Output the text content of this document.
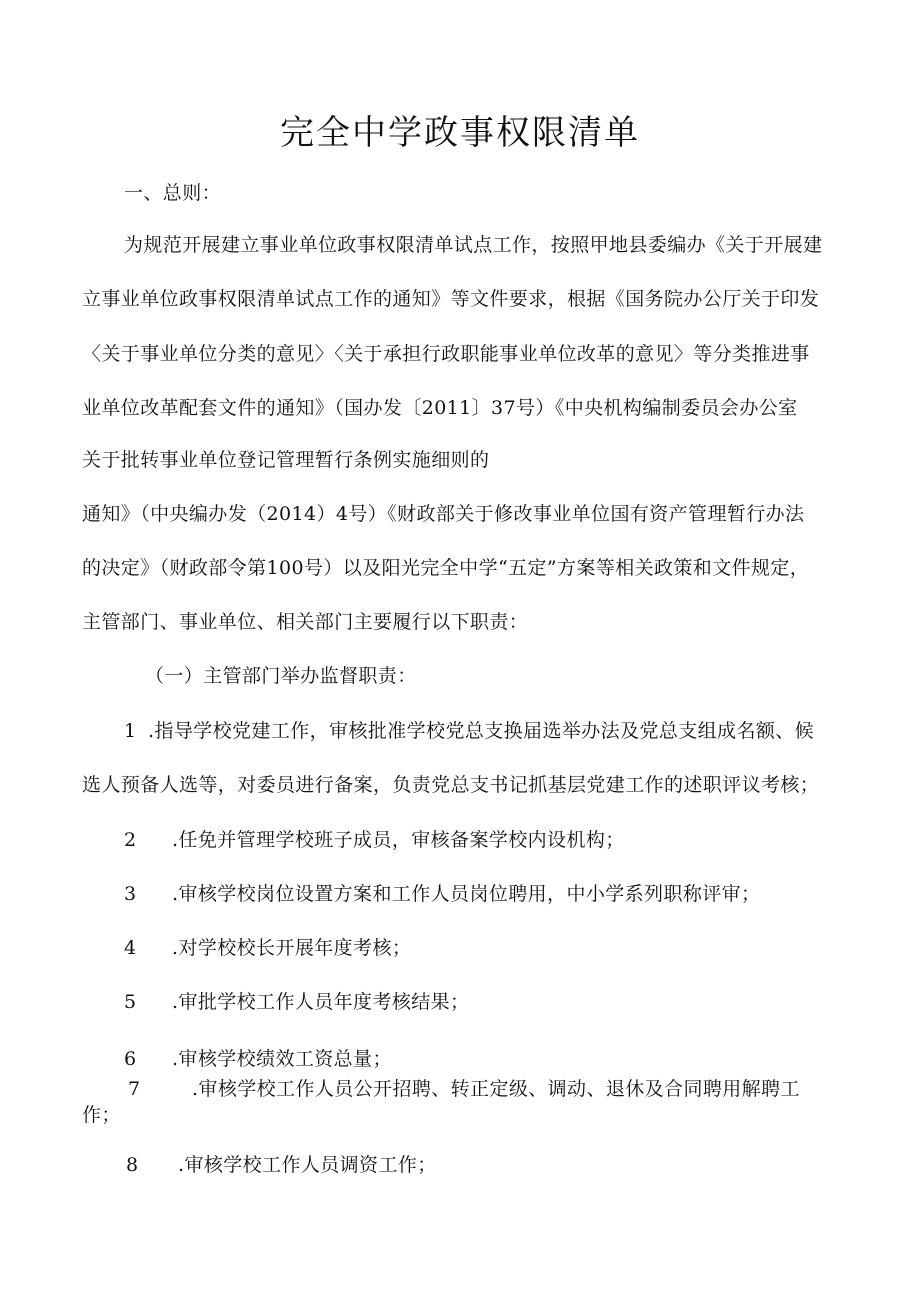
完全中学政事权限清单
一、总则：
为规范开展建立事业单位政事权限清单试点工作，按照甲地县委编办《关于开展建
立事业单位政事权限清单试点工作的通知》等文件要求，根据《国务院办公厅关于印发
〈关于事业单位分类的意见〉〈关于承担行政职能事业单位改革的意见〉等分类推进事
业单位改革配套文件的通知》（国办发〔2011〕37号）《中央机构编制委员会办公室
关于批转事业单位登记管理暂行条例实施细则的
通知》（中央编办发（2014）4号）《财政部关于修改事业单位国有资产管理暂行办法
的决定》（财政部令第100号）以及阳光完全中学“五定”方案等相关政策和文件规定，
主管部门、事业单位、相关部门主要履行以下职责：
（一）主管部门举办监督职责：
1 .指导学校党建工作，审核批准学校党总支换届选举办法及党总支组成名额、候
选人预备人选等，对委员进行备案，负责党总支书记抓基层党建工作的述职评议考核；
2 .任免并管理学校班子成员，审核备案学校内设机构；
3 .审核学校岗位设置方案和工作人员岗位聘用，中小学系列职称评审；
4 .对学校校长开展年度考核；
5 .审批学校工作人员年度考核结果；
6 .审核学校绩效工资总量；
7	.审核学校工作人员公开招聘、转正定级、调动、退休及合同聘用解聘工
作；
8 .审核学校工作人员调资工作；
